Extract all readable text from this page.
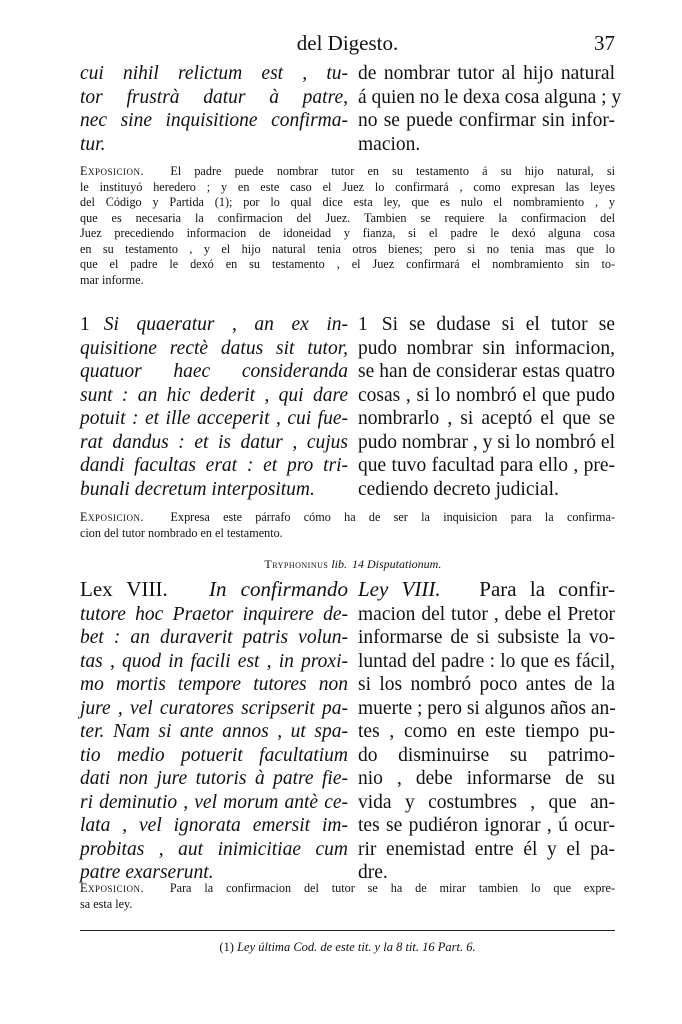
del Digesto.	37
cui nihil relictum est , tu-
tor frustrà datur à patre,
nec sine inquisitione confirma-
tur.
de nombrar tutor al hijo natural
á quien no le dexa cosa alguna ; y
no se puede confirmar sin infor-
macion.
Exposicion. El padre puede nombrar tutor en su testamento á su hijo natural, si
le instituyó heredero ; y en este caso el Juez lo confirmará , como expresan las leyes
del Código y Partida (1); por lo qual dice esta ley, que es nulo el nombramiento , y
que es necesaria la confirmacion del Juez. Tambien se requiere la confirmacion del
Juez precediendo informacion de idoneidad y fianza, si el padre le dexó alguna cosa
en su testamento , y el hijo natural tenia otros bienes; pero si no tenia mas que lo
que el padre le dexó en su testamento , el Juez confirmará el nombramiento sin to-
mar informe.
1 Si quaeratur , an ex in-
quisitione rectè datus sit tutor,
quatuor haec consideranda
sunt : an hic dederit , qui dare
potuit : et ille acceperit , cui fue-
rat dandus : et is datur , cujus
dandi facultas erat : et pro tri-
bunali decretum interpositum.
1 Si se dudase si el tutor se
pudo nombrar sin informacion,
se han de considerar estas quatro
cosas , si lo nombró el que pudo
nombrarlo , si aceptó el que se
pudo nombrar , y si lo nombró el
que tuvo facultad para ello , pre-
cediendo decreto judicial.
Exposicion. Expresa este párrafo cómo ha de ser la inquisicion para la confirma-
cion del tutor nombrado en el testamento.
Tryphoninus lib. 14 Disputationum.
Lex VIII. In confirmando
tutore hoc Praetor inquirere de-
bet : an duraverit patris volun-
tas , quod in facili est , in proxi-
mo mortis tempore tutores non
jure , vel curatores scripserit pa-
ter. Nam si ante annos , ut spa-
tio medio potuerit facultatium
dati non jure tutoris à patre fie-
ri deminutio , vel morum antè ce-
lata , vel ignorata emersit im-
probitas , aut inimicitiae cum
patre exarserunt.
Ley VIII. Para la confir-
macion del tutor , debe el Pretor
informarse de si subsiste la vo-
luntad del padre : lo que es fácil,
si los nombró poco antes de la
muerte ; pero si algunos años an-
tes , como en este tiempo pu-
do disminuirse su patrimo-
nio , debe informarse de su
vida y costumbres , que an-
tes se pudiéron ignorar , ú ocur-
rir enemistad entre él y el pa-
dre.
Exposicion. Para la confirmacion del tutor se ha de mirar tambien lo que expre-
sa esta ley.
(1) Ley última Cod. de este tit. y la 8 tit. 16 Part. 6.
